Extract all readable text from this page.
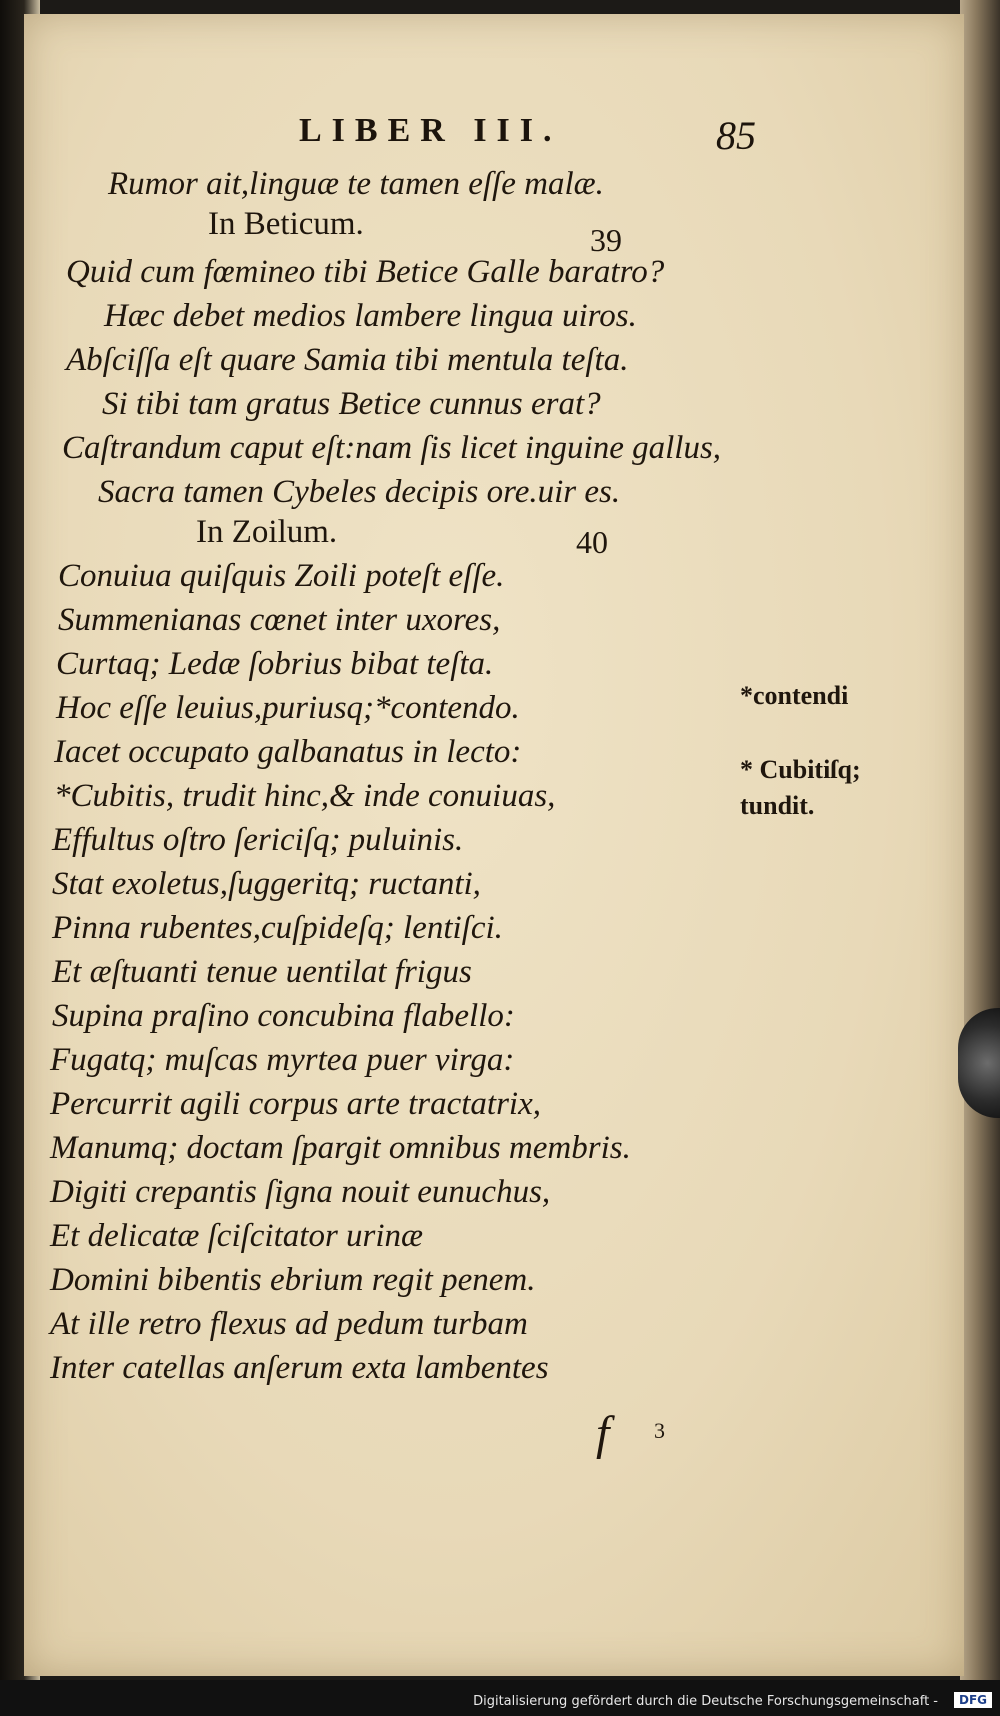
LIBER III.	85
Rumor ait,linguæ te tamen eſſe malæ.
In Beticum.	39
Quid cum fœmineo tibi Betice Galle baratro?
Hæc debet medios lambere lingua uiros.
Abſciſſa eſt quare Samia tibi mentula teſta.
Si tibi tam gratus Betice cunnus erat?
Caſtrandum caput eſt:nam ſis licet inguine gallus,
Sacra tamen Cybeles decipis ore.uir es.
In Zoilum.	40
Conuiua quiſquis Zoili poteſt eſſe.
Summenianas cœnet inter uxores,
Curtaq; Ledæ ſobrius bibat teſta.
Hoc eſſe leuius,puriusq;*contendo.
Iacet occupato galbanatus in lecto:
*Cubitis, trudit hinc,& inde conuiuas,
Effultus oſtro ſericiſq; puluinis.
Stat exoletus,ſuggeritq; ructanti,
Pinna rubentes,cuſpideſq; lentiſci.
Et æſtuanti tenue uentilat frigus
Supina praſino concubina flabello:
Fugatq; muſcas myrtea puer virga:
Percurrit agili corpus arte tractatrix,
Manumq; doctam ſpargit omnibus membris.
Digiti crepantis ſigna nouit eunuchus,
Et delicatæ ſciſcitator urinæ
Domini bibentis ebrium regit penem.
At ille retro flexus ad pedum turbam
Inter catellas anſerum exta lambentes
*contendi
* Cubitiſq;
tundit.
f 3
Digitalisierung gefördert durch die Deutsche Forschungsgemeinschaft -	DFG
